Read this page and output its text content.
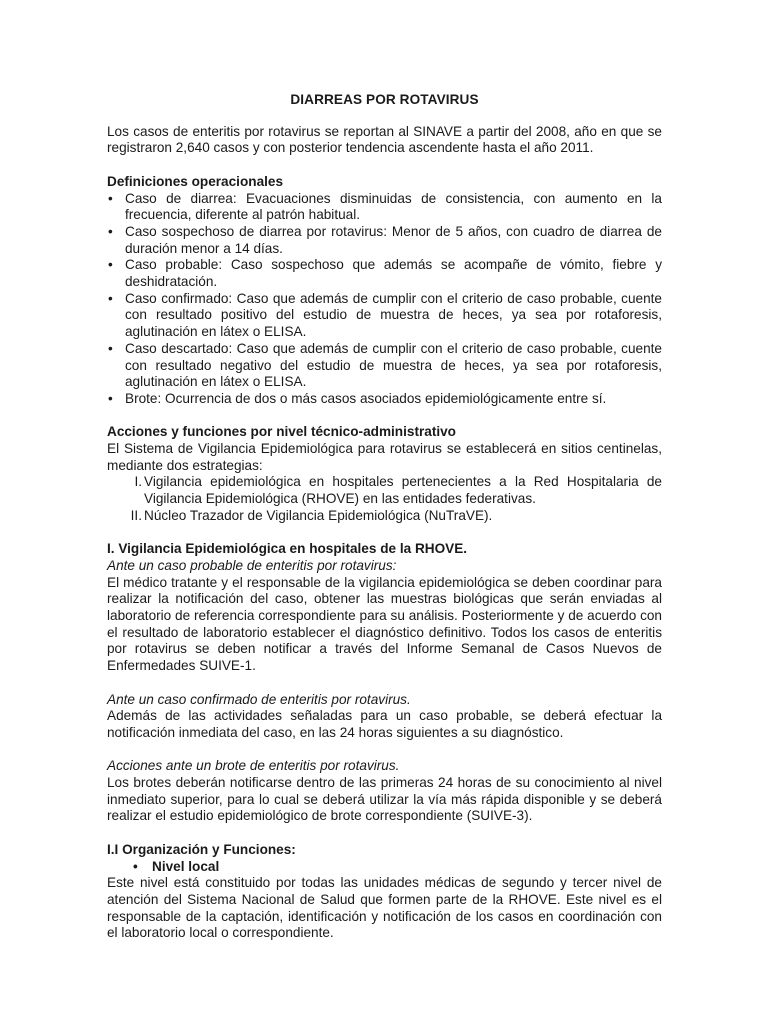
DIARREAS POR ROTAVIRUS

Los casos de enteritis por rotavirus se reportan al SINAVE a partir del 2008, año en que se registraron 2,640 casos y con posterior tendencia ascendente hasta el año 2011.

Definiciones operacionales

• Caso de diarrea: Evacuaciones disminuidas de consistencia, con aumento en la frecuencia, diferente al patrón habitual.
• Caso sospechoso de diarrea por rotavirus: Menor de 5 años, con cuadro de diarrea de duración menor a 14 días.
• Caso probable: Caso sospechoso que además se acompañe de vómito, fiebre y deshidratación.
• Caso confirmado: Caso que además de cumplir con el criterio de caso probable, cuente con resultado positivo del estudio de muestra de heces, ya sea por rotaforesis, aglutinación en látex o ELISA.
• Caso descartado: Caso que además de cumplir con el criterio de caso probable, cuente con resultado negativo del estudio de muestra de heces, ya sea por rotaforesis, aglutinación en látex o ELISA.
• Brote: Ocurrencia de dos o más casos asociados epidemiológicamente entre sí.

Acciones y funciones por nivel técnico-administrativo

El Sistema de Vigilancia Epidemiológica para rotavirus se establecerá en sitios centinelas, mediante dos estrategias:

I. Vigilancia epidemiológica en hospitales pertenecientes a la Red Hospitalaria de Vigilancia Epidemiológica (RHOVE) en las entidades federativas.
II. Núcleo Trazador de Vigilancia Epidemiológica (NuTraVE).

I. Vigilancia Epidemiológica en hospitales de la RHOVE.

Ante un caso probable de enteritis por rotavirus:

El médico tratante y el responsable de la vigilancia epidemiológica se deben coordinar para realizar la notificación del caso, obtener las muestras biológicas que serán enviadas al laboratorio de referencia correspondiente para su análisis. Posteriormente y de acuerdo con el resultado de laboratorio establecer el diagnóstico definitivo. Todos los casos de enteritis por rotavirus se deben notificar a través del Informe Semanal de Casos Nuevos de Enfermedades SUIVE-1.

Ante un caso confirmado de enteritis por rotavirus.

Además de las actividades señaladas para un caso probable, se deberá efectuar la notificación inmediata del caso, en las 24 horas siguientes a su diagnóstico.

Acciones ante un brote de enteritis por rotavirus.

Los brotes deberán notificarse dentro de las primeras 24 horas de su conocimiento al nivel inmediato superior, para lo cual se deberá utilizar la vía más rápida disponible y se deberá realizar el estudio epidemiológico de brote correspondiente (SUIVE-3).

I.I Organización y Funciones:

• Nivel local

Este nivel está constituido por todas las unidades médicas de segundo y tercer nivel de atención del Sistema Nacional de Salud que formen parte de la RHOVE. Este nivel es el responsable de la captación, identificación y notificación de los casos en coordinación con el laboratorio local o correspondiente.
